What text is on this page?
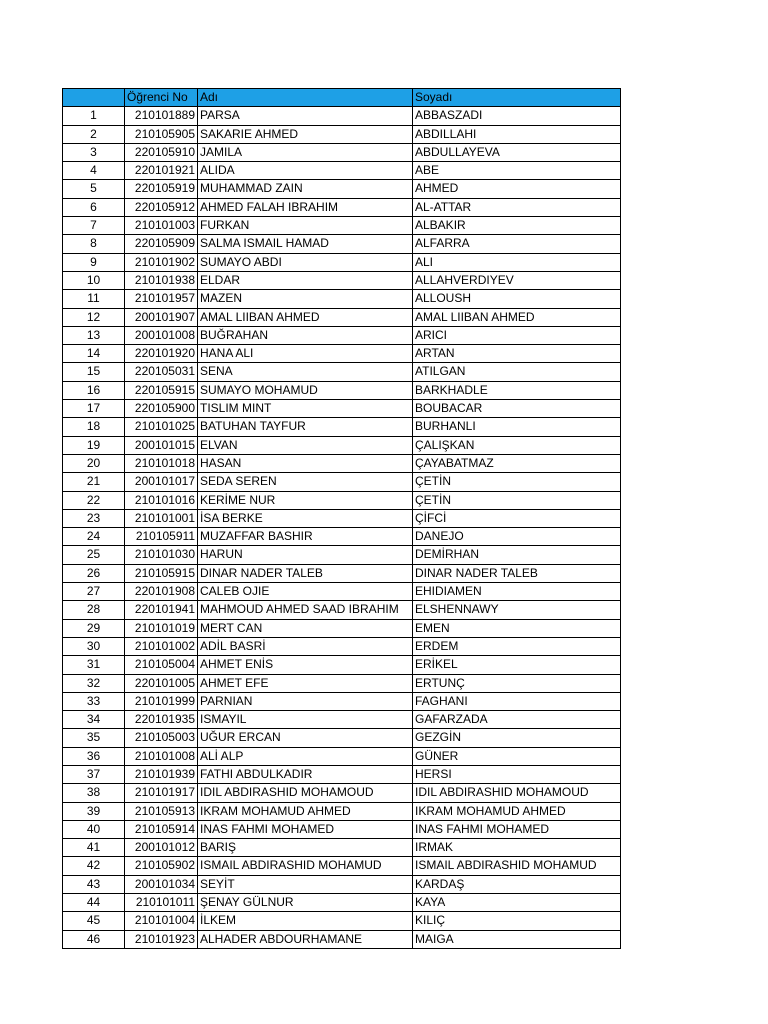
	Öğrenci No	Adı	Soyadı
1	210101889	PARSA	ABBASZADI
2	210105905	SAKARIE AHMED	ABDILLAHI
3	220105910	JAMILA	ABDULLAYEVA
4	220101921	ALIDA	ABE
5	220105919	MUHAMMAD ZAIN	AHMED
6	220105912	AHMED FALAH IBRAHIM	AL-ATTAR
7	210101003	FURKAN	ALBAKIR
8	220105909	SALMA ISMAIL HAMAD	ALFARRA
9	210101902	SUMAYO ABDI	ALI
10	210101938	ELDAR	ALLAHVERDIYEV
11	210101957	MAZEN	ALLOUSH
12	200101907	AMAL LIIBAN AHMED	AMAL LIIBAN AHMED
13	200101008	BUĞRAHAN	ARICI
14	220101920	HANA ALI	ARTAN
15	220105031	SENA	ATILGAN
16	220105915	SUMAYO MOHAMUD	BARKHADLE
17	220105900	TISLIM MINT	BOUBACAR
18	210101025	BATUHAN TAYFUR	BURHANLI
19	200101015	ELVAN	ÇALIŞKAN
20	210101018	HASAN	ÇAYABATMAZ
21	200101017	SEDA SEREN	ÇETİN
22	210101016	KERİME NUR	ÇETİN
23	210101001	İSA BERKE	ÇİFCİ
24	210105911	MUZAFFAR BASHIR	DANEJO
25	210101030	HARUN	DEMİRHAN
26	210105915	DINAR NADER TALEB	DINAR NADER TALEB
27	220101908	CALEB OJIE	EHIDIAMEN
28	220101941	MAHMOUD AHMED SAAD IBRAHIM	ELSHENNAWY
29	210101019	MERT CAN	EMEN
30	210101002	ADİL BASRİ	ERDEM
31	210105004	AHMET ENİS	ERİKEL
32	220101005	AHMET EFE	ERTUNÇ
33	210101999	PARNIAN	FAGHANI
34	220101935	ISMAYIL	GAFARZADA
35	210105003	UĞUR ERCAN	GEZGİN
36	210101008	ALİ ALP	GÜNER
37	210101939	FATHI ABDULKADIR	HERSI
38	210101917	IDIL ABDIRASHID MOHAMOUD	IDIL ABDIRASHID MOHAMOUD
39	210105913	IKRAM MOHAMUD AHMED	IKRAM MOHAMUD AHMED
40	210105914	INAS FAHMI MOHAMED	INAS FAHMI MOHAMED
41	200101012	BARIŞ	IRMAK
42	210105902	ISMAIL ABDIRASHID MOHAMUD	ISMAIL ABDIRASHID MOHAMUD
43	200101034	SEYİT	KARDAŞ
44	210101011	ŞENAY GÜLNUR	KAYA
45	210101004	İLKEM	KILIÇ
46	210101923	ALHADER ABDOURHAMANE	MAIGA
